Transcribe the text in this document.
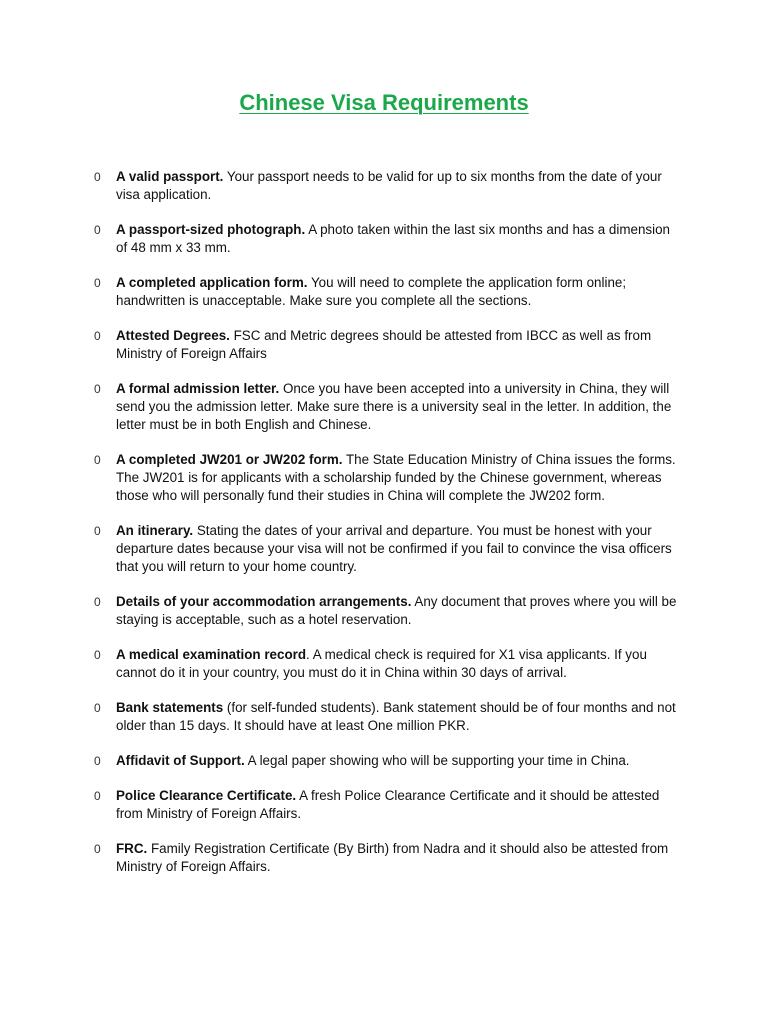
Chinese Visa Requirements
0 A valid passport. Your passport needs to be valid for up to six months from the date of your visa application.
0 A passport-sized photograph. A photo taken within the last six months and has a dimension of 48 mm x 33 mm.
0 A completed application form. You will need to complete the application form online; handwritten is unacceptable. Make sure you complete all the sections.
0 Attested Degrees. FSC and Metric degrees should be attested from IBCC as well as from Ministry of Foreign Affairs
0 A formal admission letter. Once you have been accepted into a university in China, they will send you the admission letter. Make sure there is a university seal in the letter. In addition, the letter must be in both English and Chinese.
0 A completed JW201 or JW202 form. The State Education Ministry of China issues the forms. The JW201 is for applicants with a scholarship funded by the Chinese government, whereas those who will personally fund their studies in China will complete the JW202 form.
0 An itinerary. Stating the dates of your arrival and departure. You must be honest with your departure dates because your visa will not be confirmed if you fail to convince the visa officers that you will return to your home country.
0 Details of your accommodation arrangements. Any document that proves where you will be staying is acceptable, such as a hotel reservation.
0 A medical examination record. A medical check is required for X1 visa applicants. If you cannot do it in your country, you must do it in China within 30 days of arrival.
0 Bank statements (for self-funded students). Bank statement should be of four months and not older than 15 days. It should have at least One million PKR.
0 Affidavit of Support. A legal paper showing who will be supporting your time in China.
0 Police Clearance Certificate. A fresh Police Clearance Certificate and it should be attested from Ministry of Foreign Affairs.
0 FRC. Family Registration Certificate (By Birth) from Nadra and it should also be attested from Ministry of Foreign Affairs.
